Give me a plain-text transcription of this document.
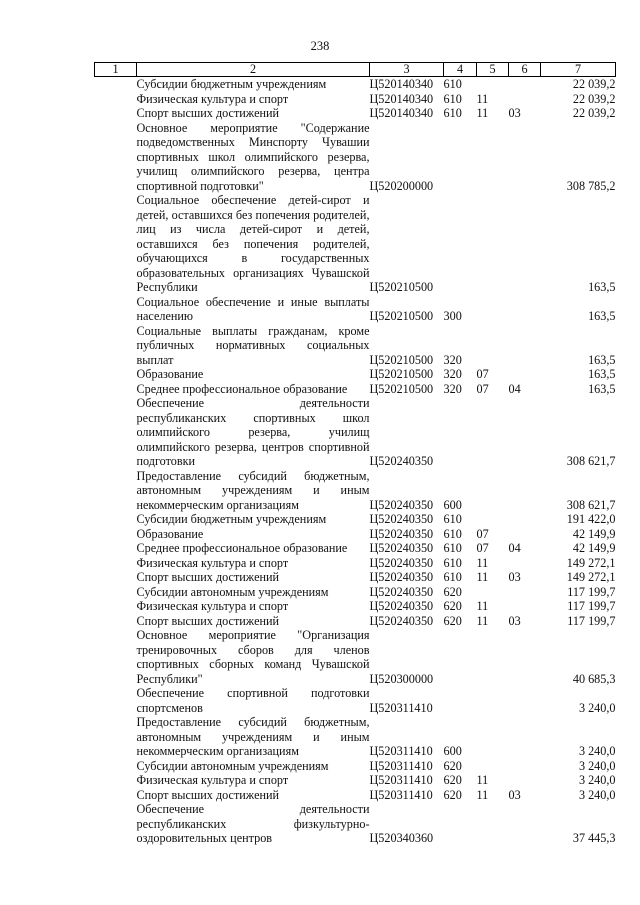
238
1	2	3	4	5	6	7
	Субсидии бюджетным учреждениям	Ц520140340	610			22 039,2
	Физическая культура и спорт	Ц520140340	610	11		22 039,2
	Спорт высших достижений	Ц520140340	610	11	03	22 039,2
	Основное мероприятие "Содержание подведомственных Минспорту Чувашии спортивных школ олимпийского резерва, училищ олимпийского резерва, центра спортивной подготовки"	Ц520200000				308 785,2
	Социальное обеспечение детей-сирот и детей, оставшихся без попечения родителей, лиц из числа детей-сирот и детей, оставшихся без попечения родителей, обучающихся в государственных образовательных организациях Чувашской Республики	Ц520210500				163,5
	Социальное обеспечение и иные выплаты населению	Ц520210500	300			163,5
	Социальные выплаты гражданам, кроме публичных нормативных социальных выплат	Ц520210500	320			163,5
	Образование	Ц520210500	320	07		163,5
	Среднее профессиональное образование	Ц520210500	320	07	04	163,5
	Обеспечение деятельности республиканских спортивных школ олимпийского резерва, училищ олимпийского резерва, центров спортивной подготовки	Ц520240350				308 621,7
	Предоставление субсидий бюджетным, автономным учреждениям и иным некоммерческим организациям	Ц520240350	600			308 621,7
	Субсидии бюджетным учреждениям	Ц520240350	610			191 422,0
	Образование	Ц520240350	610	07		42 149,9
	Среднее профессиональное образование	Ц520240350	610	07	04	42 149,9
	Физическая культура и спорт	Ц520240350	610	11		149 272,1
	Спорт высших достижений	Ц520240350	610	11	03	149 272,1
	Субсидии автономным учреждениям	Ц520240350	620			117 199,7
	Физическая культура и спорт	Ц520240350	620	11		117 199,7
	Спорт высших достижений	Ц520240350	620	11	03	117 199,7
	Основное мероприятие "Организация тренировочных сборов для членов спортивных сборных команд Чувашской Республики"	Ц520300000				40 685,3
	Обеспечение спортивной подготовки спортсменов	Ц520311410				3 240,0
	Предоставление субсидий бюджетным, автономным учреждениям и иным некоммерческим организациям	Ц520311410	600			3 240,0
	Субсидии автономным учреждениям	Ц520311410	620			3 240,0
	Физическая культура и спорт	Ц520311410	620	11		3 240,0
	Спорт высших достижений	Ц520311410	620	11	03	3 240,0
	Обеспечение деятельности республиканских физкультурно-оздоровительных центров	Ц520340360				37 445,3
